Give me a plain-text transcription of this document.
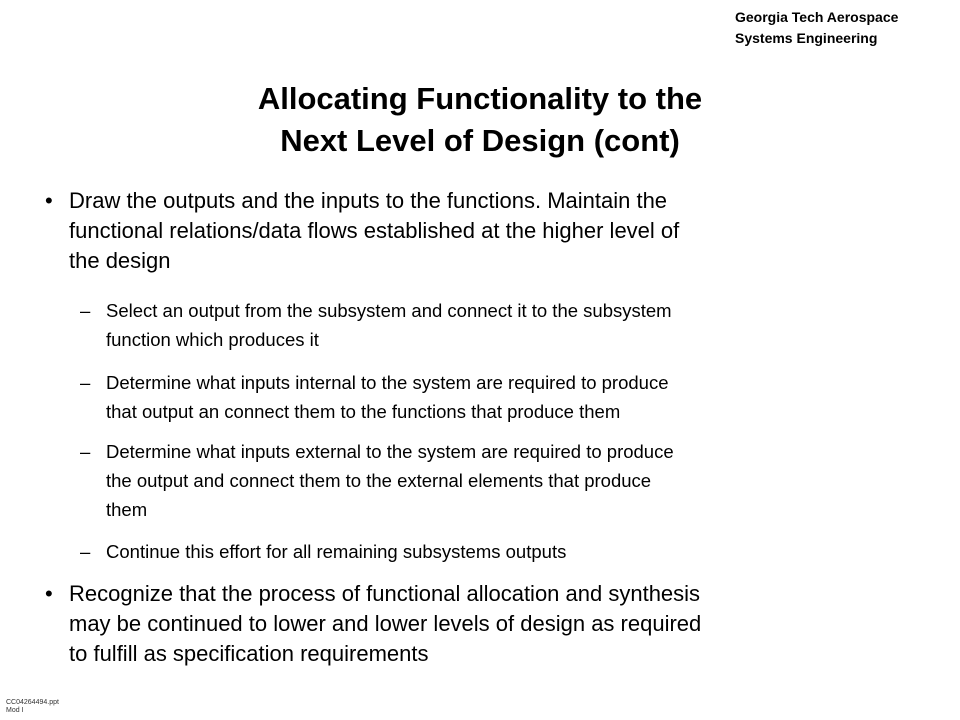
Georgia Tech Aerospace
Systems Engineering
Allocating Functionality to the
Next Level of Design (cont)
• Draw the outputs and the inputs to the functions. Maintain the
functional relations/data flows established at the higher level of
the design
– Select an output from the subsystem and connect it to the subsystem
function which produces it
– Determine what inputs internal to the system are required to produce
that output an connect them to the functions that produce them
– Determine what inputs external to the system are required to produce
the output and connect them to the external elements that produce
them
– Continue this effort for all remaining subsystems outputs
• Recognize that the process of functional allocation and synthesis
may be continued to lower and lower levels of design as required
to fulfill as specification requirements
CC04264494.ppt
Mod I
